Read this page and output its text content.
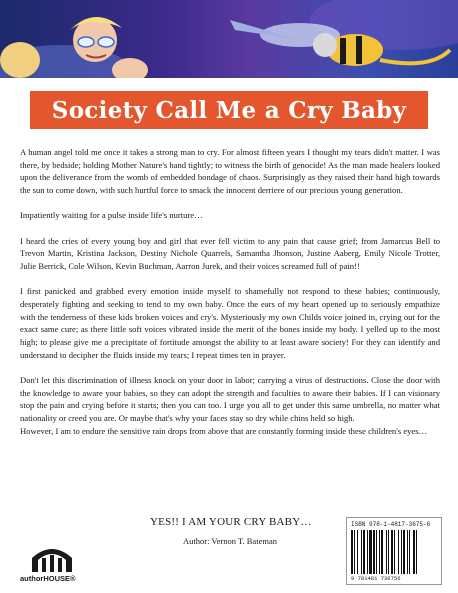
Society Call Me a Cry Baby

A human angel told me once it takes a strong man to cry. For almost fifteen years I thought my tears didn't matter. I was there, by bedside; holding Mother Nature's hand tightly; to witness the birth of genocide! As the man made healers looked upon the deliverance from the womb of embedded bondage of chaos. Surprisingly as they raised their hand high towards the sun to come down, with such hurtful force to smack the innocent derriere of our precious young generation.

Impatiently waiting for a pulse inside life's nurture…

I heard the cries of every young boy and girl that ever fell victim to any pain that cause grief; from Jamarcus Bell to Trevon Martin, Kristina Jackson, Destiny Nichole Quarrels, Samantha Jhonson, Justine Aaberg, Emily Nicole Trotter, Julie Berrick, Cole Wilson, Kevin Buchman, Aarron Jurek, and their voices screamed full of pain!!

I first panicked and grabbed every emotion inside myself to shamefully not respond to these babies; continuously, desperately fighting and seeking to tend to my own baby. Once the ears of my heart opened up to seriously empathize with the tenderness of these kids broken voices and cry's. Mysteriously my own Childs voice joined in, crying out for the exact same cure; as there little soft voices vibrated inside the merit of the bones inside my body. I yelled up to the most high; to please give me a precipitate of fortitude amongst the ability to at least aware society! For they can identify and understand to decipher the fluids inside my tears; I repeat times ten in prayer.

Don't let this discrimination of illness knock on your door in labor; carrying a virus of destructions. Close the door with the knowledge to aware your babies, so they can adopt the strength and faculties to aware their babies. If I can visionary stop the pain and crying before it starts; then you can too. I urge you all to get under this same umbrella, no matter what nationality or creed you are. Or maybe that's why your faces stay so dry while chins held so high.

However, I am to endure the sensitive rain drops from above that are constantly forming inside these children's eyes…

YES!! I AM YOUR CRY BABY…
Author: Vernon T. Bateman
authorHOUSE®
ISBN 978-1-4817-3675-6
9 781481 736756
